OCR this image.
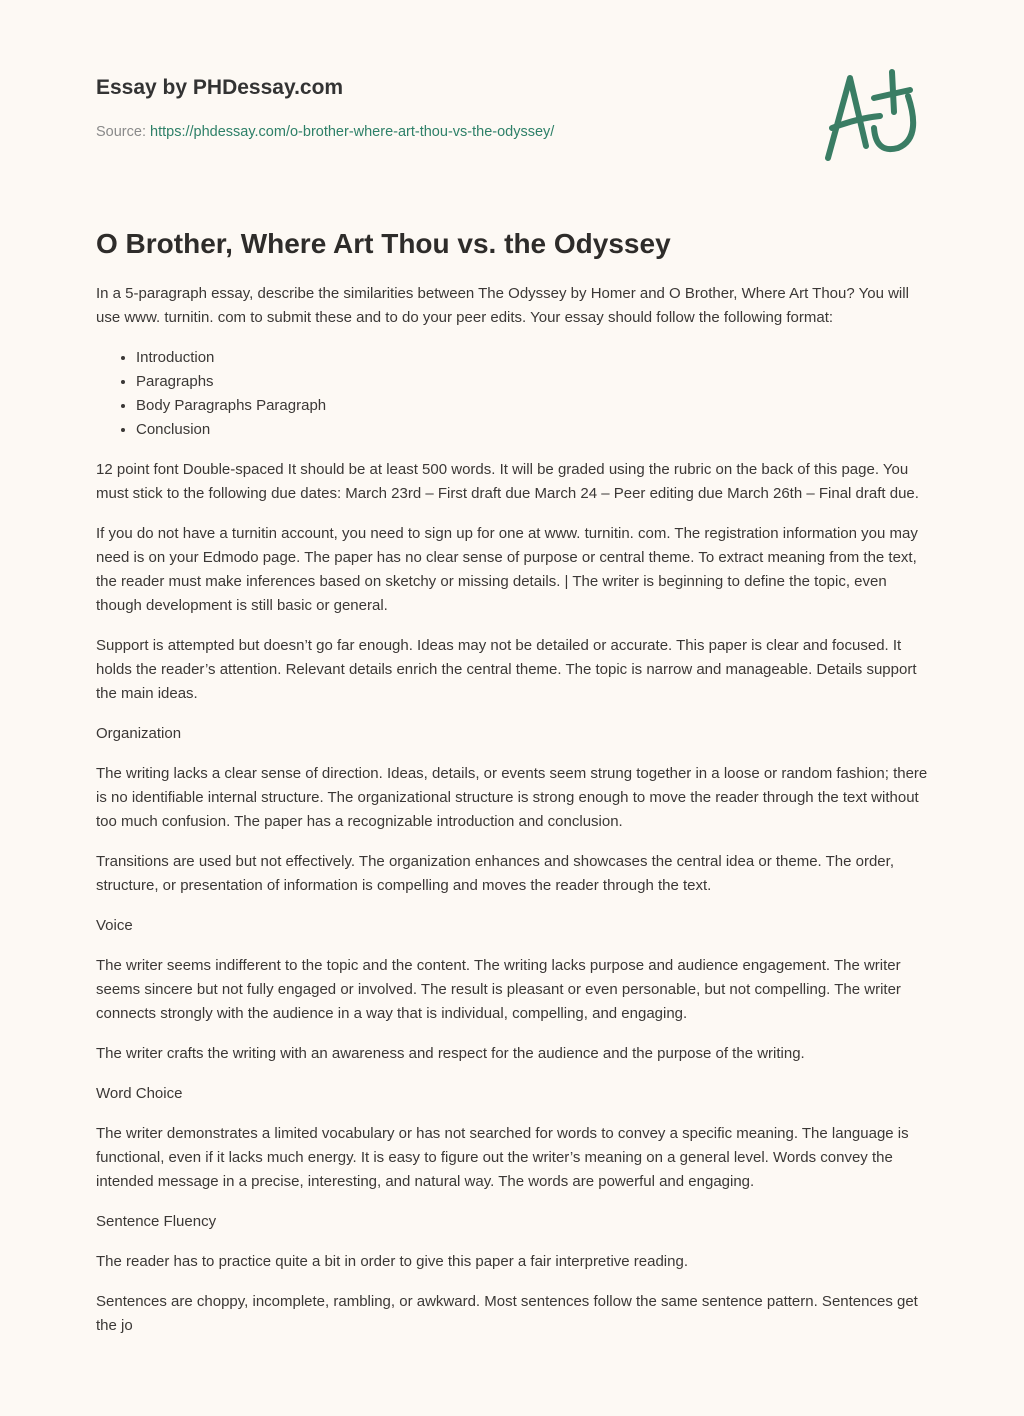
Essay by PHDessay.com
Source: https://phdessay.com/o-brother-where-art-thou-vs-the-odyssey/
O Brother, Where Art Thou vs. the Odyssey

In a 5-paragraph essay, describe the similarities between The Odyssey by Homer and O Brother, Where Art Thou? You will use www. turnitin. com to submit these and to do your peer edits. Your essay should follow the following format:

• Introduction
• Paragraphs
• Body Paragraphs Paragraph
• Conclusion

12 point font Double-spaced It should be at least 500 words. It will be graded using the rubric on the back of this page. You must stick to the following due dates: March 23rd – First draft due March 24 – Peer editing due March 26th – Final draft due.

If you do not have a turnitin account, you need to sign up for one at www. turnitin. com. The registration information you may need is on your Edmodo page. The paper has no clear sense of purpose or central theme. To extract meaning from the text, the reader must make inferences based on sketchy or missing details. | The writer is beginning to define the topic, even though development is still basic or general.

Support is attempted but doesn’t go far enough. Ideas may not be detailed or accurate. This paper is clear and focused. It holds the reader’s attention. Relevant details enrich the central theme. The topic is narrow and manageable. Details support the main ideas.

Organization

The writing lacks a clear sense of direction. Ideas, details, or events seem strung together in a loose or random fashion; there is no identifiable internal structure. The organizational structure is strong enough to move the reader through the text without too much confusion. The paper has a recognizable introduction and conclusion.

Transitions are used but not effectively. The organization enhances and showcases the central idea or theme. The order, structure, or presentation of information is compelling and moves the reader through the text.

Voice

The writer seems indifferent to the topic and the content. The writing lacks purpose and audience engagement. The writer seems sincere but not fully engaged or involved. The result is pleasant or even personable, but not compelling. The writer connects strongly with the audience in a way that is individual, compelling, and engaging.

The writer crafts the writing with an awareness and respect for the audience and the purpose of the writing.

Word Choice

The writer demonstrates a limited vocabulary or has not searched for words to convey a specific meaning. The language is functional, even if it lacks much energy. It is easy to figure out the writer’s meaning on a general level. Words convey the intended message in a precise, interesting, and natural way. The words are powerful and engaging.

Sentence Fluency

The reader has to practice quite a bit in order to give this paper a fair interpretive reading.

Sentences are choppy, incomplete, rambling, or awkward. Most sentences follow the same sentence pattern. Sentences get the jo
